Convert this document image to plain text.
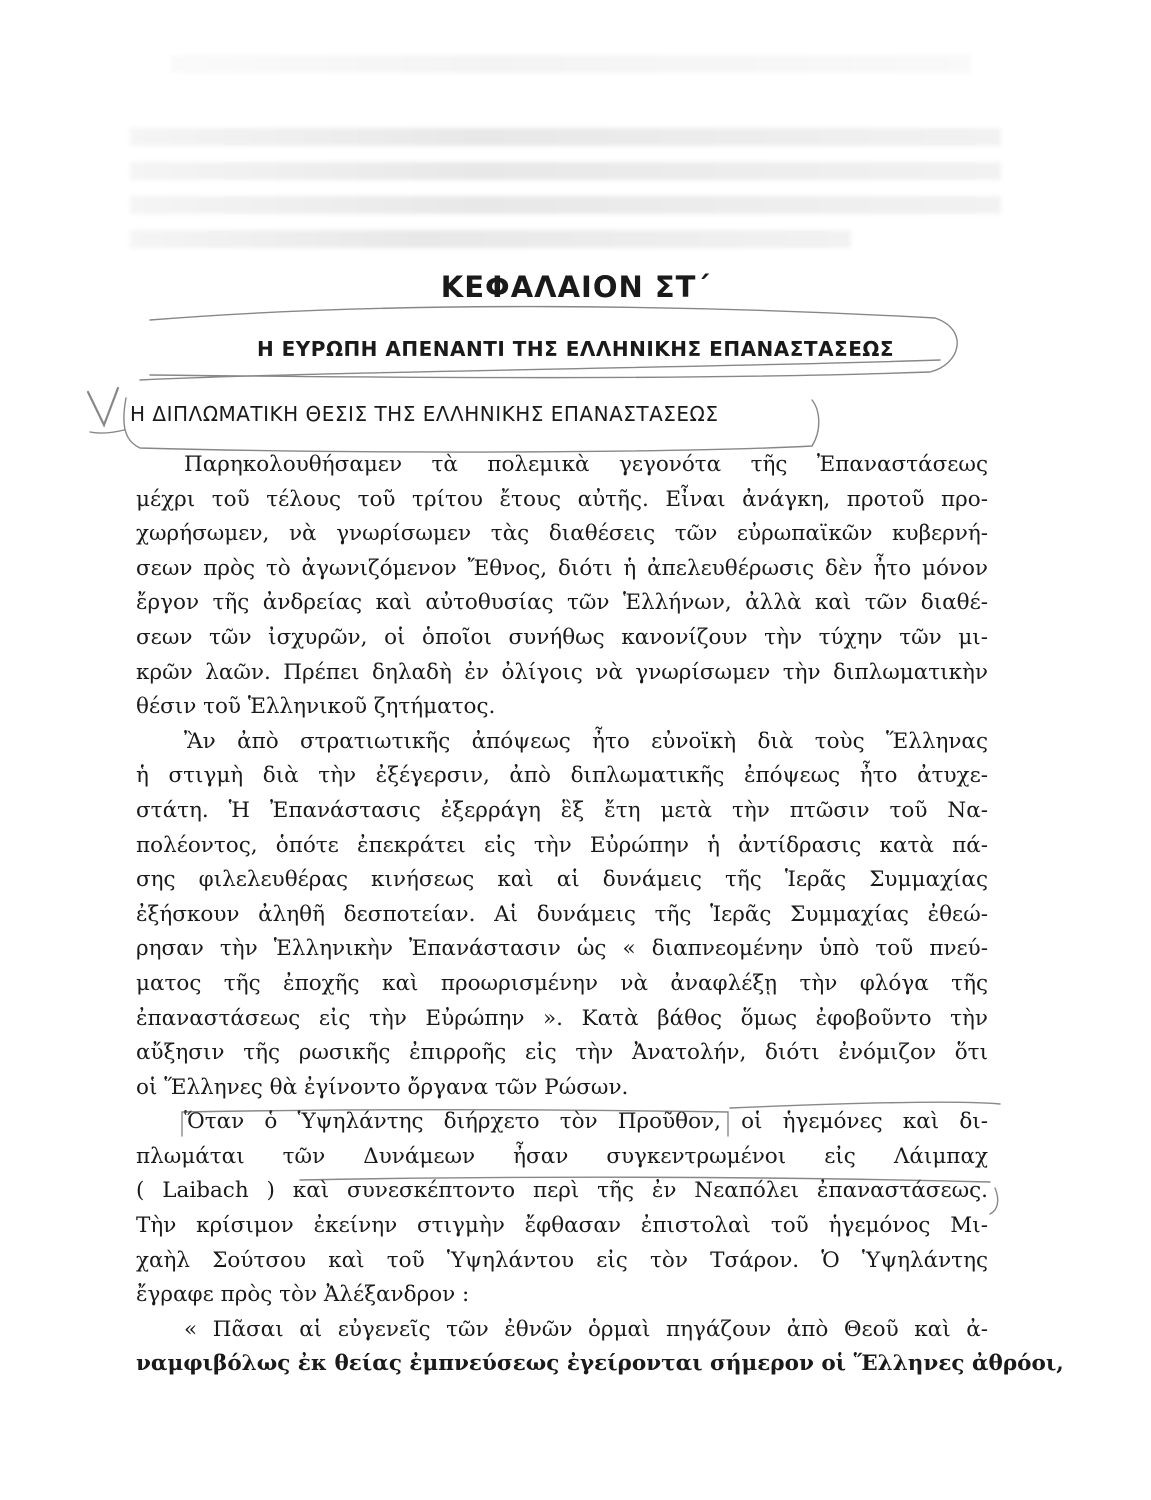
ΚΕΦΑΛΑΙΟΝ ΣΤ΄
Η ΕΥΡΩΠΗ ΑΠΕΝΑΝΤΙ ΤΗΣ ΕΛΛΗΝΙΚΗΣ ΕΠΑΝΑΣΤΑΣΕΩΣ
Η ΔΙΠΛΩΜΑΤΙΚΗ ΘΕΣΙΣ ΤΗΣ ΕΛΛΗΝΙΚΗΣ ΕΠΑΝΑΣΤΑΣΕΩΣ
Παρηκολουθήσαμεν τὰ πολεμικὰ γεγονότα τῆς Ἐπαναστάσεως
μέχρι τοῦ τέλους τοῦ τρίτου ἔτους αὐτῆς. Εἶναι ἀνάγκη, προτοῦ προ-
χωρήσωμεν, νὰ γνωρίσωμεν τὰς διαθέσεις τῶν εὐρωπαϊκῶν κυβερνή-
σεων πρὸς τὸ ἀγωνιζόμενον Ἔθνος, διότι ἡ ἀπελευθέρωσις δὲν ἦτο μόνον
ἔργον τῆς ἀνδρείας καὶ αὐτοθυσίας τῶν Ἑλλήνων, ἀλλὰ καὶ τῶν διαθέ-
σεων τῶν ἰσχυρῶν, οἱ ὁποῖοι συνήθως κανονίζουν τὴν τύχην τῶν μι-
κρῶν λαῶν. Πρέπει δηλαδὴ ἐν ὀλίγοις νὰ γνωρίσωμεν τὴν διπλωματικὴν
θέσιν τοῦ Ἑλληνικοῦ ζητήματος.
Ἂν ἀπὸ στρατιωτικῆς ἀπόψεως ἦτο εὐνοϊκὴ διὰ τοὺς Ἕλληνας
ἡ στιγμὴ διὰ τὴν ἐξέγερσιν, ἀπὸ διπλωματικῆς ἐπόψεως ἦτο ἀτυχε-
στάτη. Ἡ Ἐπανάστασις ἐξερράγη ἓξ ἔτη μετὰ τὴν πτῶσιν τοῦ Να-
πολέοντος, ὁπότε ἐπεκράτει εἰς τὴν Εὐρώπην ἡ ἀντίδρασις κατὰ πά-
σης φιλελευθέρας κινήσεως καὶ αἱ δυνάμεις τῆς Ἱερᾶς Συμμαχίας
ἐξήσκουν ἀληθῆ δεσποτείαν. Αἱ δυνάμεις τῆς Ἱερᾶς Συμμαχίας ἐθεώ-
ρησαν τὴν Ἑλληνικὴν Ἐπανάστασιν ὡς « διαπνεομένην ὑπὸ τοῦ πνεύ-
ματος τῆς ἐποχῆς καὶ προωρισμένην νὰ ἀναφλέξῃ τὴν φλόγα τῆς
ἐπαναστάσεως εἰς τὴν Εὐρώπην ». Κατὰ βάθος ὅμως ἐφοβοῦντο τὴν
αὔξησιν τῆς ρωσικῆς ἐπιρροῆς εἰς τὴν Ἀνατολήν, διότι ἐνόμιζον ὅτι
οἱ Ἕλληνες θὰ ἐγίνοντο ὄργανα τῶν Ρώσων.
Ὅταν ὁ Ὑψηλάντης διήρχετο τὸν Προῦθον, οἱ ἡγεμόνες καὶ δι-
πλωμάται τῶν Δυνάμεων ἦσαν συγκεντρωμένοι εἰς Λάιμπαχ
( Laibach ) καὶ συνεσκέπτοντο περὶ τῆς ἐν Νεαπόλει ἐπαναστάσεως.
Τὴν κρίσιμον ἐκείνην στιγμὴν ἔφθασαν ἐπιστολαὶ τοῦ ἡγεμόνος Μι-
χαὴλ Σούτσου καὶ τοῦ Ὑψηλάντου εἰς τὸν Τσάρον. Ὁ Ὑψηλάντης
ἔγραφε πρὸς τὸν Ἀλέξανδρον :
« Πᾶσαι αἱ εὐγενεῖς τῶν ἐθνῶν ὁρμαὶ πηγάζουν ἀπὸ Θεοῦ καὶ ἀ-
ναμφιβόλως ἐκ θείας ἐμπνεύσεως ἐγείρονται σήμερον οἱ Ἕλληνες ἀθρόοι,
